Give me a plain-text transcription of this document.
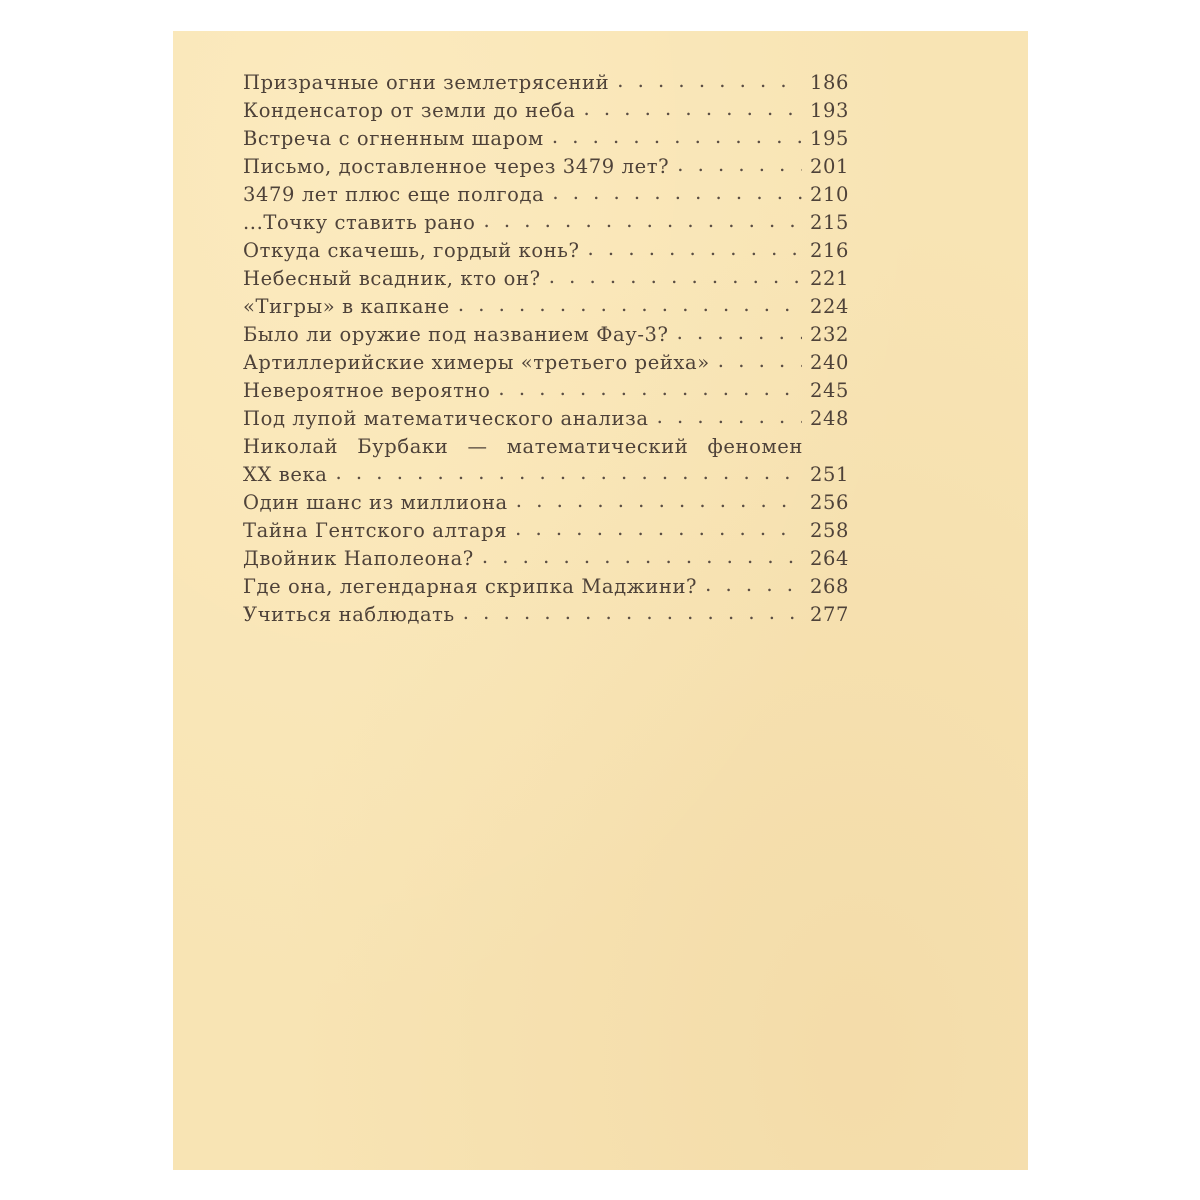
Призрачные огни землетрясений . . .	186
Конденсатор от земли до неба . . .	193
Встреча с огненным шаром . . .	195
Письмо, доставленное через 3479 лет? . . .	201
3479 лет плюс еще полгода . . .	210
...Точку ставить рано . . .	215
Откуда скачешь, гордый конь? . . .	216
Небесный всадник, кто он? . . .	221
«Тигры» в капкане . . .	224
Было ли оружие под названием Фау-3? . . .	232
Артиллерийские химеры «третьего рейха» . . .	240
Невероятное вероятно . . .	245
Под лупой математического анализа . . .	248
Николай Бурбаки — математический феномен
XX века . . .	251
Один шанс из миллиона . . .	256
Тайна Гентского алтаря . . .	258
Двойник Наполеона? . . .	264
Где она, легендарная скрипка Маджини? . . .	268
Учиться наблюдать . . .	277
